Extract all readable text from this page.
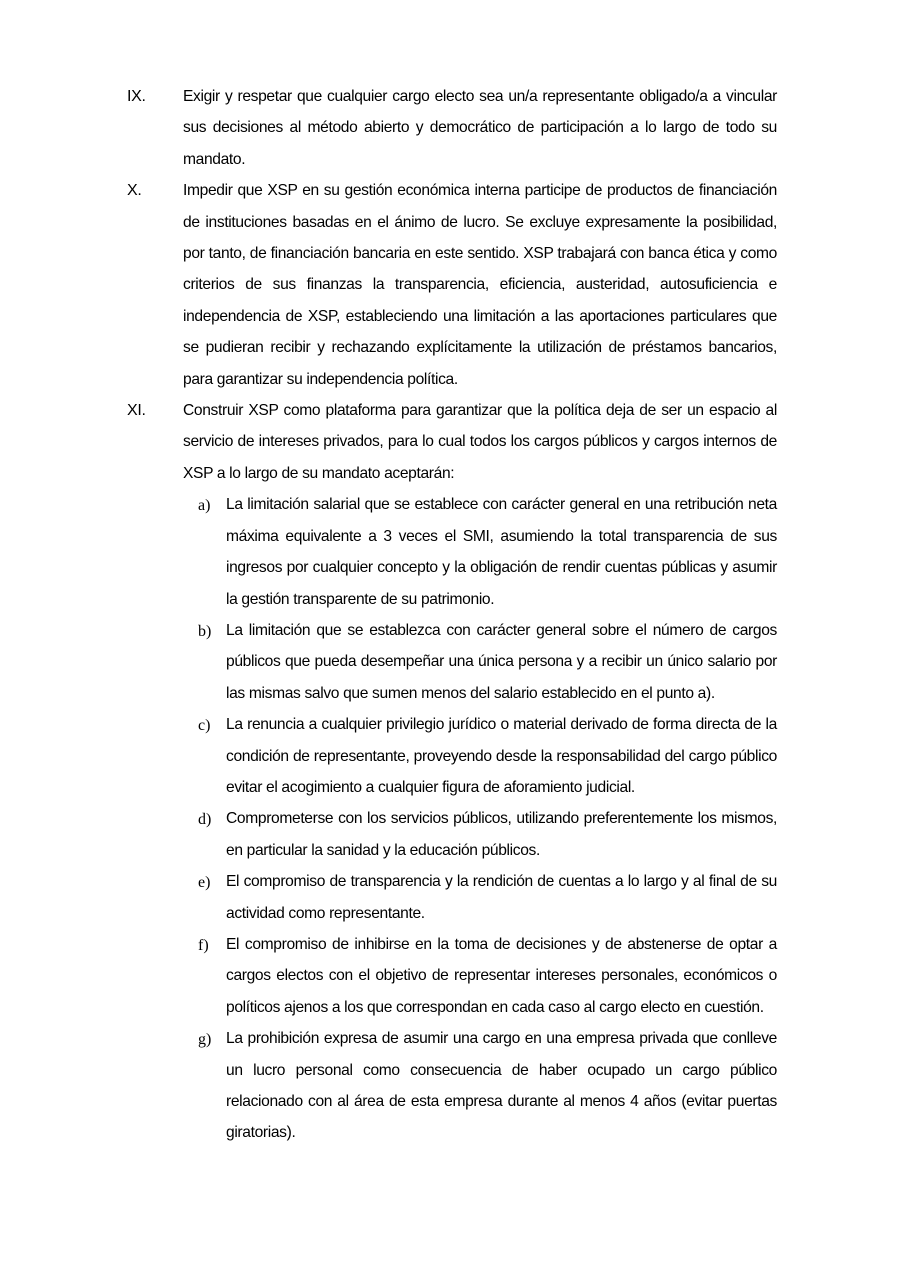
IX. Exigir y respetar que cualquier cargo electo sea un/a representante obligado/a a vincular sus decisiones al método abierto y democrático de participación a lo largo de todo su mandato.

X.	Impedir que XSP en su gestión económica interna participe de productos de financiación de instituciones basadas en el ánimo de lucro. Se excluye expresamente la posibilidad, por tanto, de financiación bancaria en este sentido. XSP trabajará con banca ética y como criterios de sus finanzas la transparencia, eficiencia, austeridad, autosuficiencia e independencia de XSP, estableciendo una limitación a las aportaciones particulares que se pudieran recibir y rechazando explícitamente la utilización de préstamos bancarios, para garantizar su independencia política.

XI. Construir XSP como plataforma para garantizar que la política deja de ser un espacio al servicio de intereses privados, para lo cual todos los cargos públicos y cargos internos de XSP a lo largo de su mandato aceptarán:

a) La limitación salarial que se establece con carácter general en una retribución neta máxima equivalente a 3 veces el SMI, asumiendo la total transparencia de sus ingresos por cualquier concepto y la obligación de rendir cuentas públicas y asumir la gestión transparente de su patrimonio.

b) La limitación que se establezca con carácter general sobre el número de cargos públicos que pueda desempeñar una única persona y a recibir un único salario por las mismas salvo que sumen menos del salario establecido en el punto a).

c) La renuncia a cualquier privilegio jurídico o material derivado de forma directa de la condición de representante, proveyendo desde la responsabilidad del cargo público evitar el acogimiento a cualquier figura de aforamiento judicial.

d) Comprometerse con los servicios públicos, utilizando preferentemente los mismos, en particular la sanidad y la educación públicos.

e) El compromiso de transparencia y la rendición de cuentas a lo largo y al final de su actividad como representante.

f) El compromiso de inhibirse en la toma de decisiones y de abstenerse de optar a cargos electos con el objetivo de representar intereses personales, económicos o políticos ajenos a los que correspondan en cada caso al cargo electo en cuestión.

g) La prohibición expresa de asumir una cargo en una empresa privada que conlleve un lucro personal como consecuencia de haber ocupado un cargo público relacionado con al área de esta empresa durante al menos 4 años (evitar puertas giratorias).
